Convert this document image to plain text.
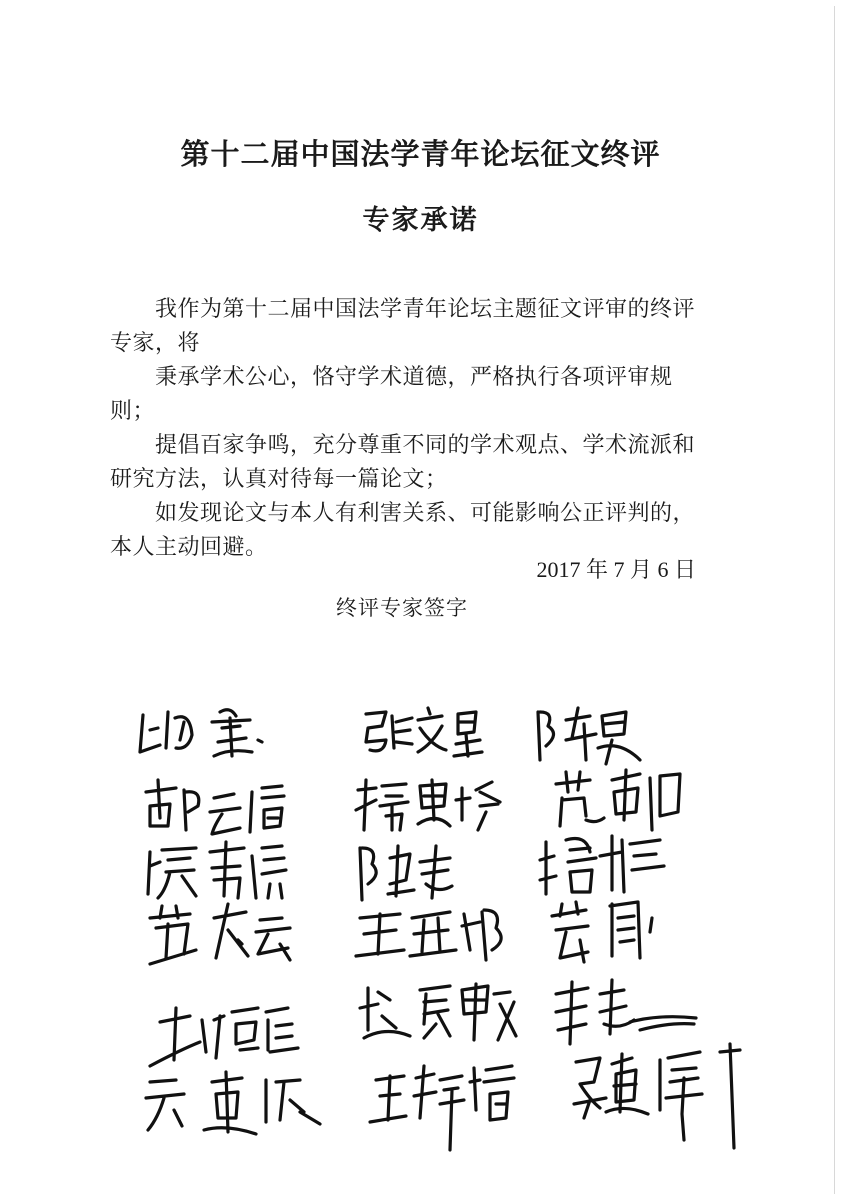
第十二届中国法学青年论坛征文终评
专家承诺

我作为第十二届中国法学青年论坛主题征文评审的终评专家，将

秉承学术公心，恪守学术道德，严格执行各项评审规则；

提倡百家争鸣，充分尊重不同的学术观点、学术流派和研究方法，认真对待每一篇论文；

如发现论文与本人有利害关系、可能影响公正评判的，本人主动回避。

2017 年 7 月 6 日
终评专家签字
